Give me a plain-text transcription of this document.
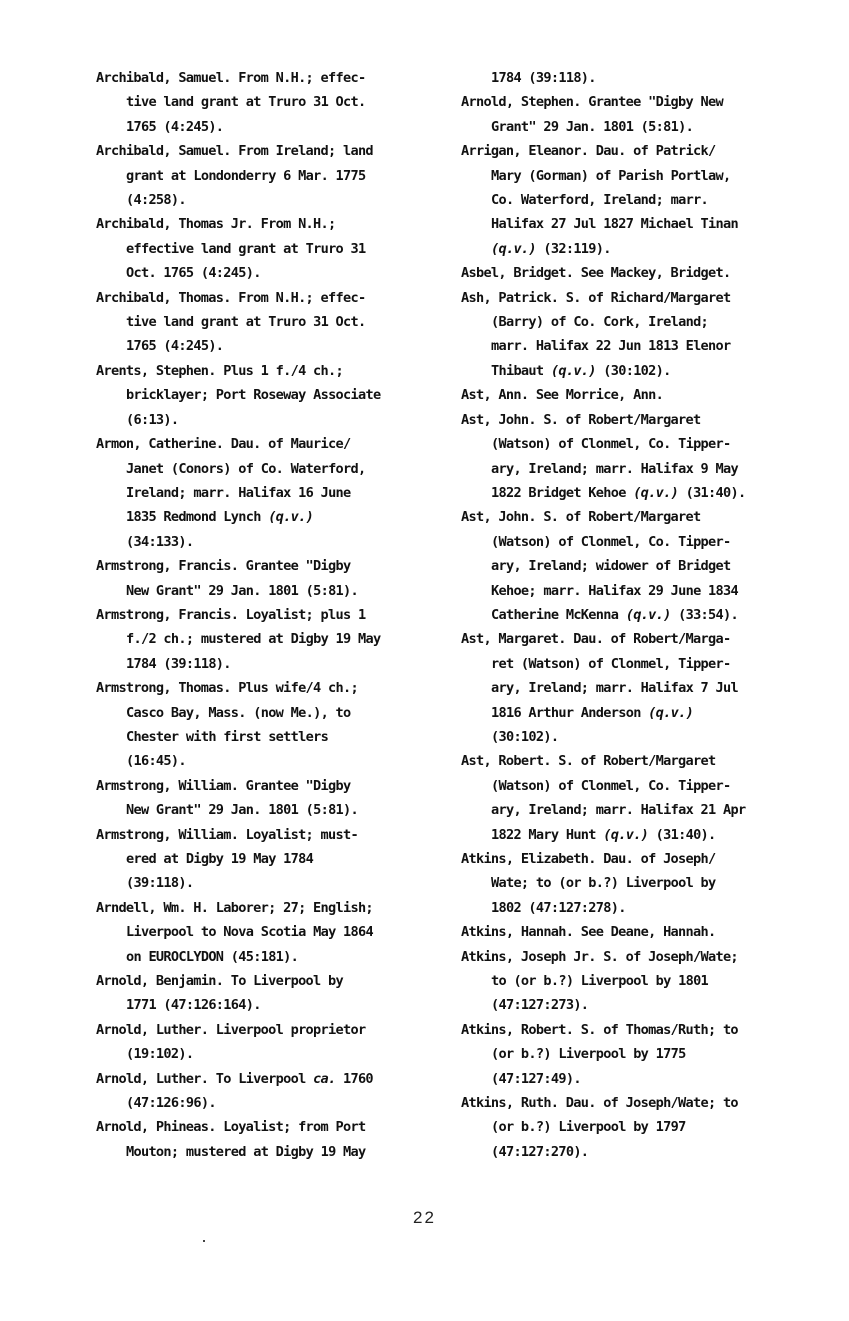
Archibald, Samuel. From N.H.; effec-
tive land grant at Truro 31 Oct.
1765 (4:245).
Archibald, Samuel. From Ireland; land
grant at Londonderry 6 Mar. 1775
(4:258).
Archibald, Thomas Jr. From N.H.;
effective land grant at Truro 31
Oct. 1765 (4:245).
Archibald, Thomas. From N.H.; effec-
tive land grant at Truro 31 Oct.
1765 (4:245).
Arents, Stephen. Plus 1 f./4 ch.;
bricklayer; Port Roseway Associate
(6:13).
Armon, Catherine. Dau. of Maurice/
Janet (Conors) of Co. Waterford,
Ireland; marr. Halifax 16 June
1835 Redmond Lynch (q.v.)
(34:133).
Armstrong, Francis. Grantee "Digby
New Grant" 29 Jan. 1801 (5:81).
Armstrong, Francis. Loyalist; plus 1
f./2 ch.; mustered at Digby 19 May
1784 (39:118).
Armstrong, Thomas. Plus wife/4 ch.;
Casco Bay, Mass. (now Me.), to
Chester with first settlers
(16:45).
Armstrong, William. Grantee "Digby
New Grant" 29 Jan. 1801 (5:81).
Armstrong, William. Loyalist; must-
ered at Digby 19 May 1784
(39:118).
Arndell, Wm. H. Laborer; 27; English;
Liverpool to Nova Scotia May 1864
on EUROCLYDON (45:181).
Arnold, Benjamin. To Liverpool by
1771 (47:126:164).
Arnold, Luther. Liverpool proprietor
(19:102).
Arnold, Luther. To Liverpool ca. 1760
(47:126:96).
Arnold, Phineas. Loyalist; from Port
Mouton; mustered at Digby 19 May
1784 (39:118).
Arnold, Stephen. Grantee "Digby New
Grant" 29 Jan. 1801 (5:81).
Arrigan, Eleanor. Dau. of Patrick/
Mary (Gorman) of Parish Portlaw,
Co. Waterford, Ireland; marr.
Halifax 27 Jul 1827 Michael Tinan
(q.v.) (32:119).
Asbel, Bridget. See Mackey, Bridget.
Ash, Patrick. S. of Richard/Margaret
(Barry) of Co. Cork, Ireland;
marr. Halifax 22 Jun 1813 Elenor
Thibaut (q.v.) (30:102).
Ast, Ann. See Morrice, Ann.
Ast, John. S. of Robert/Margaret
(Watson) of Clonmel, Co. Tipper-
ary, Ireland; marr. Halifax 9 May
1822 Bridget Kehoe (q.v.) (31:40).
Ast, John. S. of Robert/Margaret
(Watson) of Clonmel, Co. Tipper-
ary, Ireland; widower of Bridget
Kehoe; marr. Halifax 29 June 1834
Catherine McKenna (q.v.) (33:54).
Ast, Margaret. Dau. of Robert/Marga-
ret (Watson) of Clonmel, Tipper-
ary, Ireland; marr. Halifax 7 Jul
1816 Arthur Anderson (q.v.)
(30:102).
Ast, Robert. S. of Robert/Margaret
(Watson) of Clonmel, Co. Tipper-
ary, Ireland; marr. Halifax 21 Apr
1822 Mary Hunt (q.v.) (31:40).
Atkins, Elizabeth. Dau. of Joseph/
Wate; to (or b.?) Liverpool by
1802 (47:127:278).
Atkins, Hannah. See Deane, Hannah.
Atkins, Joseph Jr. S. of Joseph/Wate;
to (or b.?) Liverpool by 1801
(47:127:273).
Atkins, Robert. S. of Thomas/Ruth; to
(or b.?) Liverpool by 1775
(47:127:49).
Atkins, Ruth. Dau. of Joseph/Wate; to
(or b.?) Liverpool by 1797
(47:127:270).
22
